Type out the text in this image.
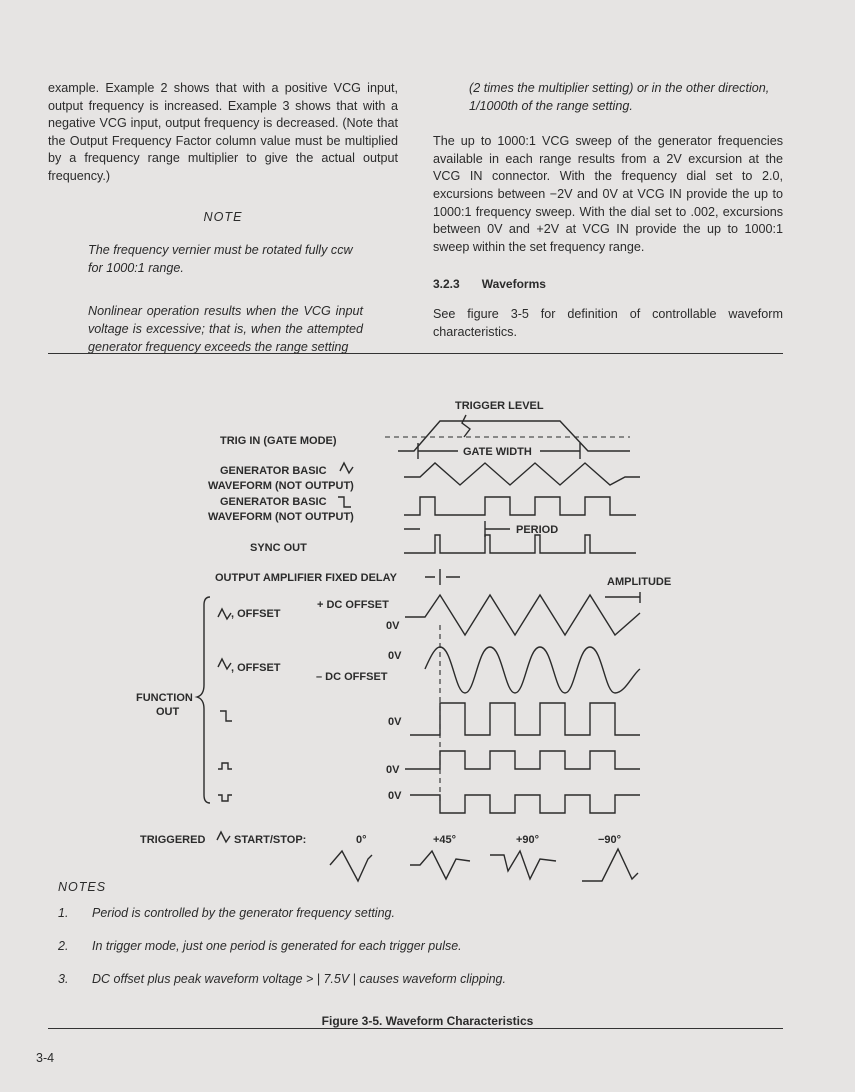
example. Example 2 shows that with a positive VCG input, output frequency is increased. Example 3 shows that with a negative VCG input, output frequency is decreased. (Note that the Output Frequency Factor column value must be multiplied by a frequency range multiplier to give the actual output frequency.)

NOTE

The frequency vernier must be rotated fully ccw for 1000:1 range.

Nonlinear operation results when the VCG input voltage is excessive; that is, when the attempted generator frequency exceeds the range setting

(2 times the multiplier setting) or in the other direction, 1/1000th of the range setting.

The up to 1000:1 VCG sweep of the generator frequencies available in each range results from a 2V excursion at the VCG IN connector. With the frequency dial set to 2.0, excursions between −2V and 0V at VCG IN provide the up to 1000:1 frequency sweep. With the dial set to .002, excursions between 0V and +2V at VCG IN provide the up to 1000:1 sweep within the set frequency range.

3.2.3 Waveforms

See figure 3-5 for definition of controllable waveform characteristics.

TRIGGER LEVEL
TRIG IN (GATE MODE)
GATE WIDTH
GENERATOR BASIC
WAVEFORM (NOT OUTPUT)
GENERATOR BASIC
WAVEFORM (NOT OUTPUT)
PERIOD
SYNC OUT
OUTPUT AMPLIFIER FIXED DELAY	AMPLITUDE
FUNCTION
OUT
, OFFSET
+ DC OFFSET
0V
, OFFSET
0V
– DC OFFSET
0V
0V
0V
TRIGGERED	START/STOP:	0°	+45°	+90°	−90°
NOTES
1.	Period is controlled by the generator frequency setting.
2.	In trigger mode, just one period is generated for each trigger pulse.
3.	DC offset plus peak waveform voltage > | 7.5V | causes waveform clipping.
Figure 3-5. Waveform Characteristics
3-4
